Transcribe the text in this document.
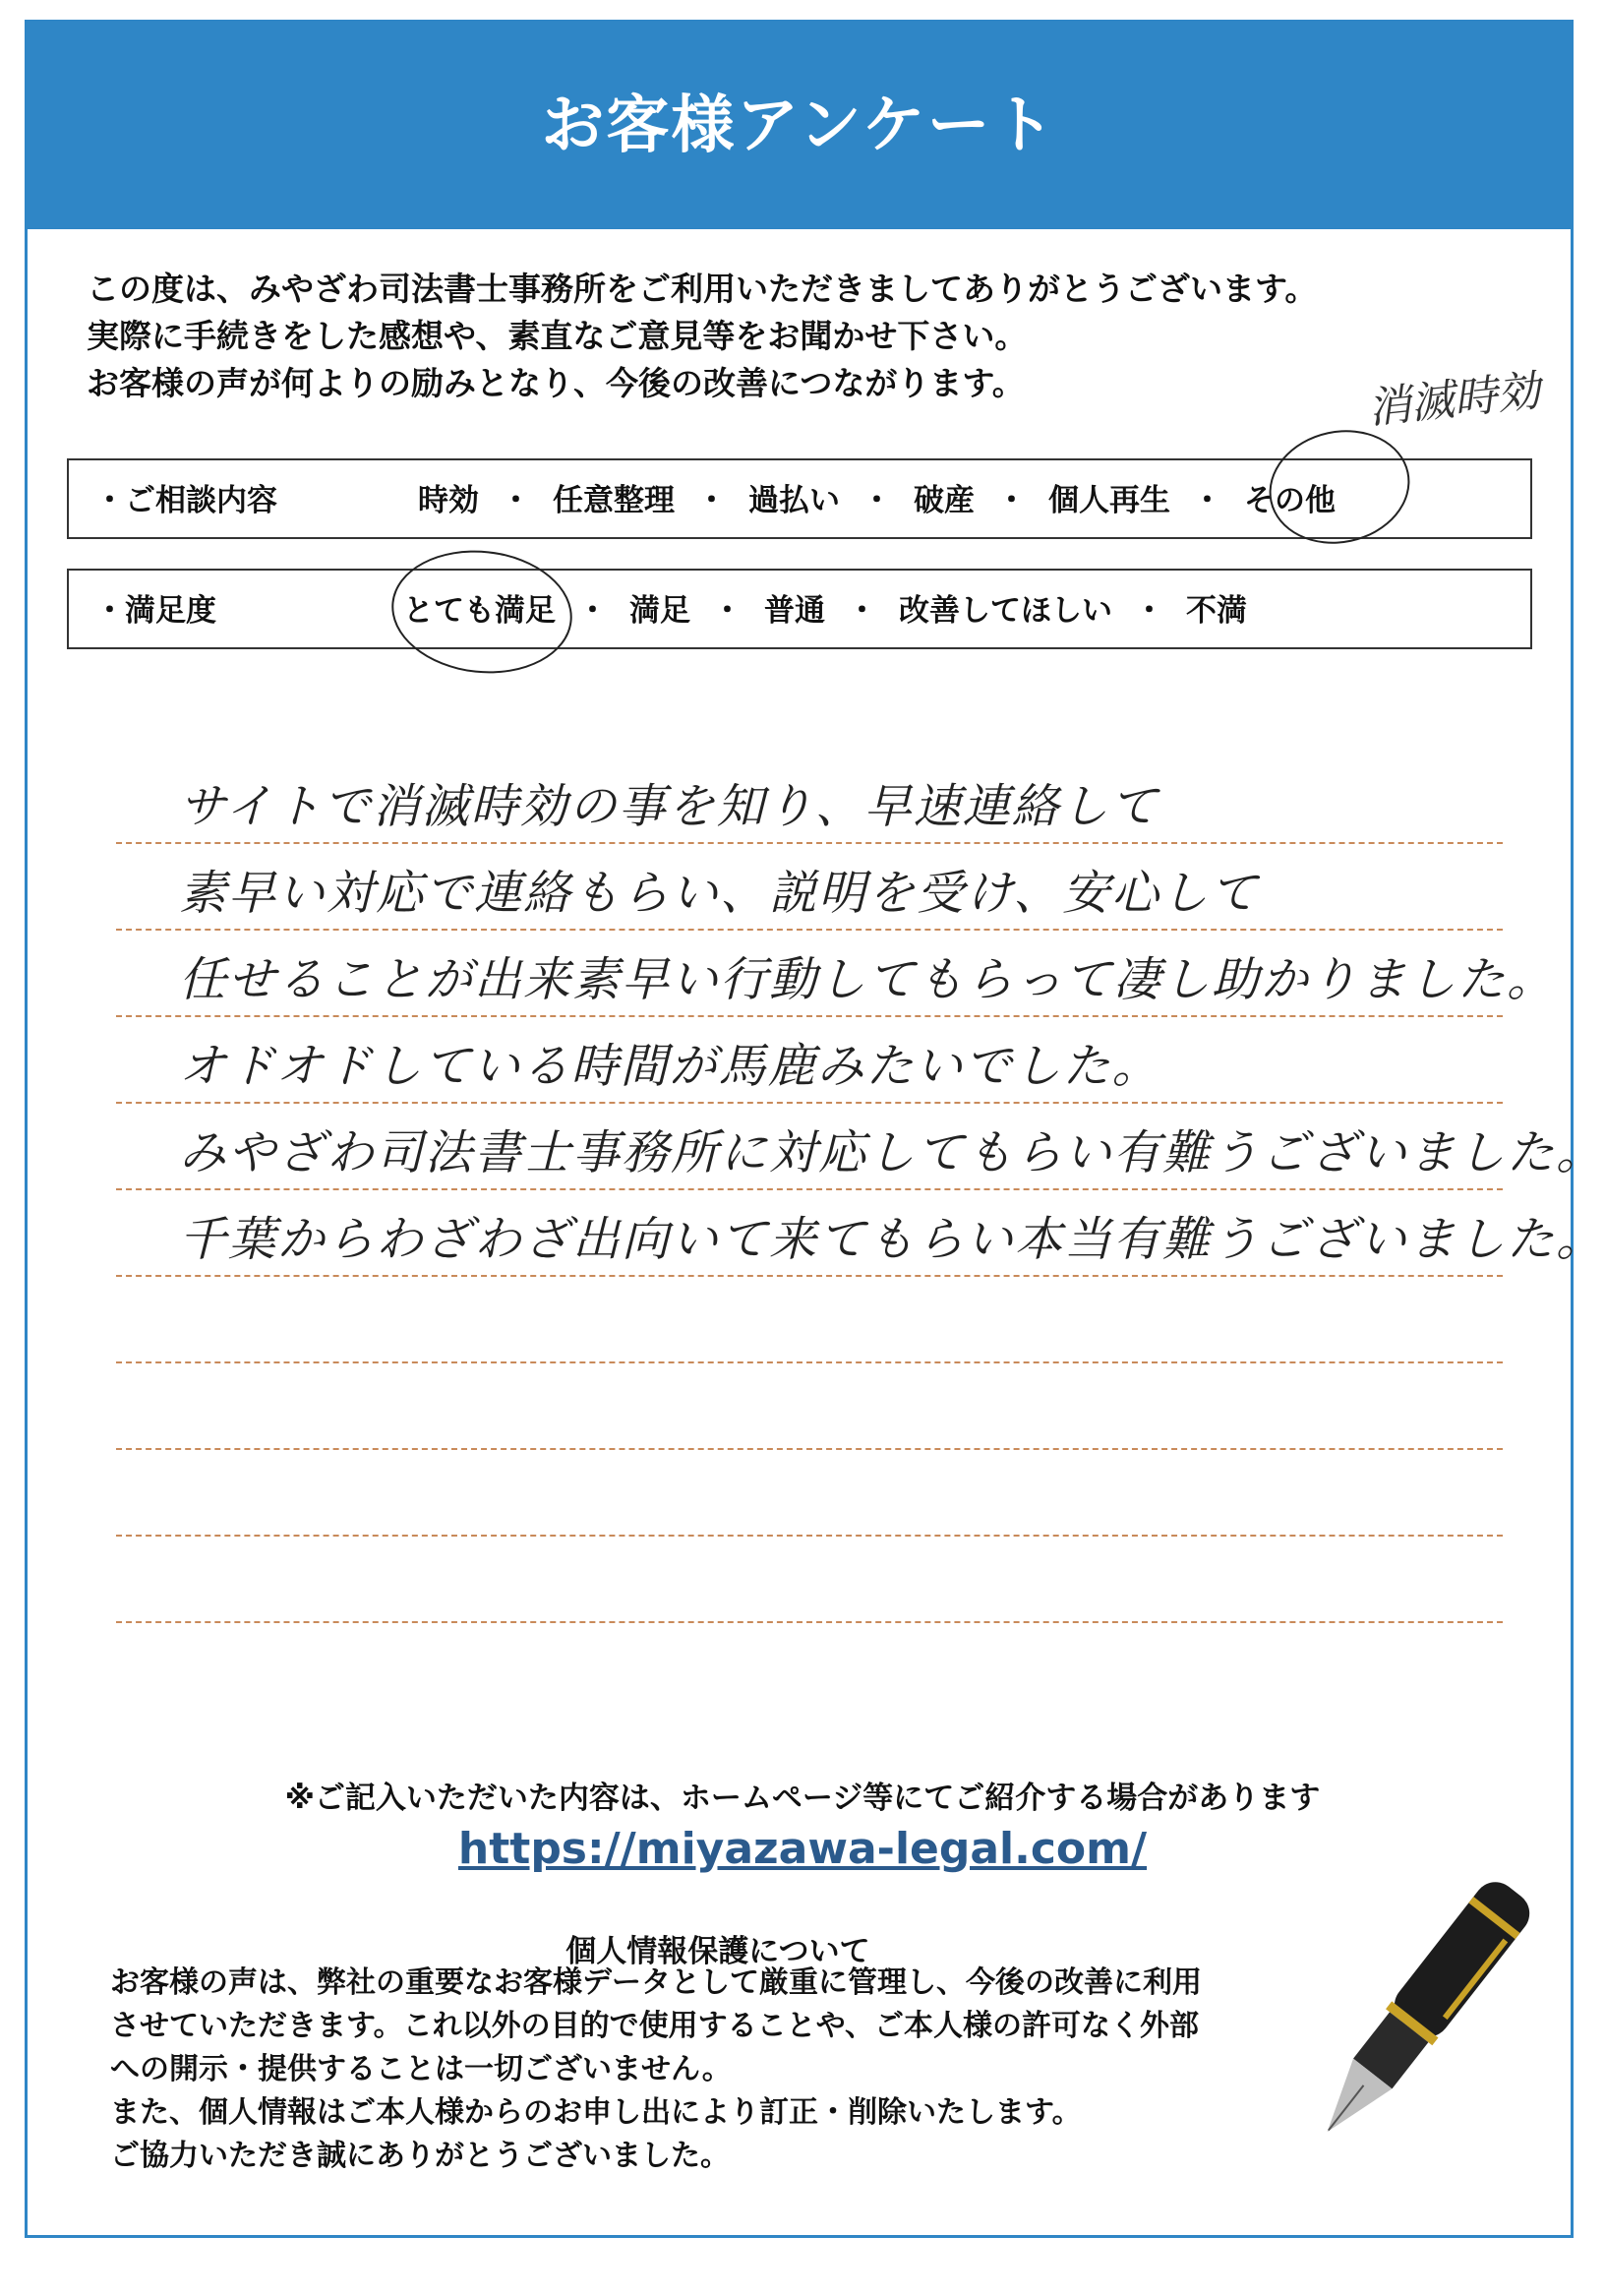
お客様アンケート
この度は、みやざわ司法書士事務所をご利用いただきましてありがとうございます。
実際に手続きをした感想や、素直なご意見等をお聞かせ下さい。
お客様の声が何よりの励みとなり、今後の改善につながります。	消滅時効
・ご相談内容	時効 ・ 任意整理 ・ 過払い ・ 破産 ・ 個人再生 ・ その他
・満足度	とても満足 ・ 満足 ・ 普通 ・ 改善してほしい ・ 不満
サイトで消滅時効の事を知り、早速連絡して
素早い対応で連絡もらい、説明を受け、安心して
任せることが出来素早い行動してもらって凄し助かりました。
オドオドしている時間が馬鹿みたいでした。
みやざわ司法書士事務所に対応してもらい有難うございました。
千葉からわざわざ出向いて来てもらい本当有難うございました。
※ご記入いただいた内容は、ホームページ等にてご紹介する場合があります
https://miyazawa-legal.com/
個人情報保護について
お客様の声は、弊社の重要なお客様データとして厳重に管理し、今後の改善に利用
させていただきます。これ以外の目的で使用することや、ご本人様の許可なく外部
への開示・提供することは一切ございません。
また、個人情報はご本人様からのお申し出により訂正・削除いたします。
ご協力いただき誠にありがとうございました。
